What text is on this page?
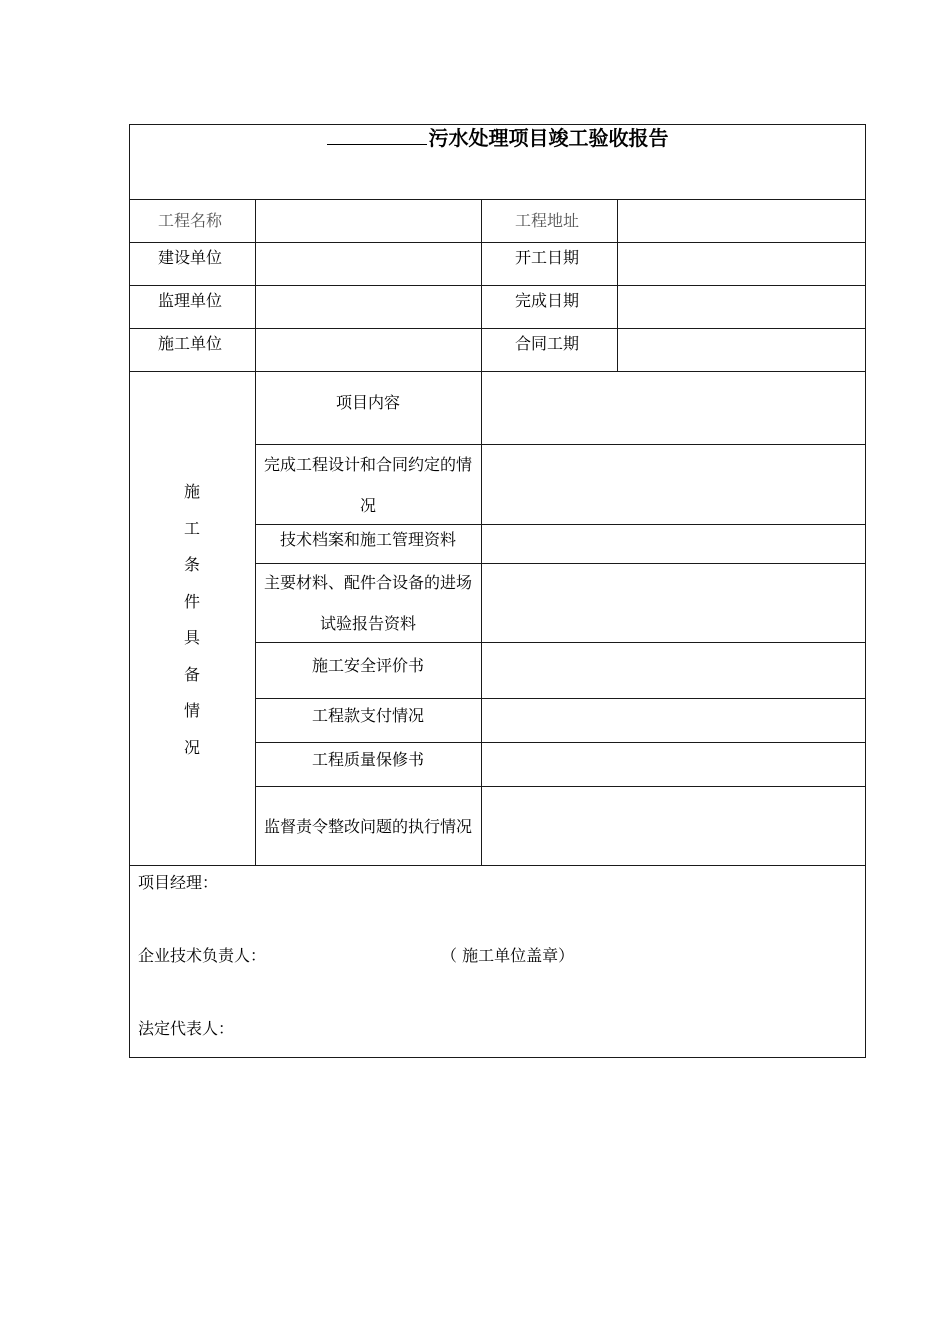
污水处理项目竣工验收报告
工程名称	工程地址
建设单位	开工日期
监理单位	完成日期
施工单位	合同工期
施
工
条
件
具
备
情
况
项目内容
完成工程设计和合同约定的情况
技术档案和施工管理资料
主要材料、配件合设备的进场试验报告资料
施工安全评价书
工程款支付情况
工程质量保修书
监督责令整改问题的执行情况
项目经理：
企业技术负责人：	（ 施工单位盖章）
法定代表人：
